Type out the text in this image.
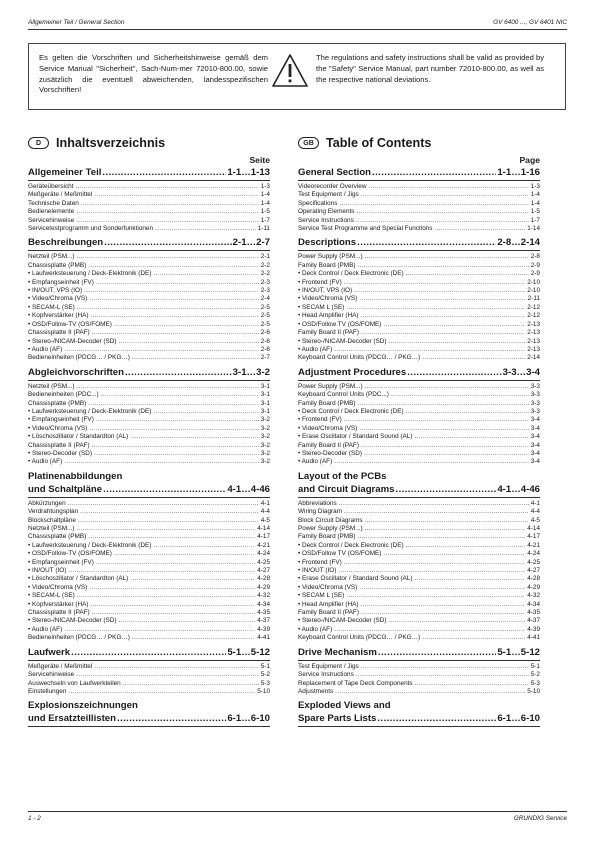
Allgemeiner Teil / General Section	GV 6400 ..., GV 6401 NIC
Es gelten die Vorschriften und Sicherheitshinweise gemäß dem Service Manual "Sicherheit", Sach-Num-mer 72010-800.00, sowie zusätzlich die eventuell abweichenden, landesspezifischen Vorschriften!
The regulations and safety instructions shall be valid as provided by the "Safety" Service Manual, part number 72010-800.00, as well as the respective national deviations.
D	Inhaltsverzeichnis
Seite
Allgemeiner Teil .....	1-1…1-13
Geräteübersicht .....	1-3
Meßgeräte / Meßmittel .....	1-4
Technische Daten .....	1-4
Bedienelemente .....	1-5
Servicehinweise .....	1-7
Servicetestprogramm und Sonderfunktionen .....	1-11
Beschreibungen .....	2-1…2-7
Netzteil (PSM...) .....	2-1
Chassisplatte (PMB) .....	2-2
• Laufwerksteuerung / Deck-Elektronik (DE) .....	2-2
• Empfangseinheit (FV) .....	2-3
• IN/OUT, VPS (IO) .....	2-3
• Video/Chroma (VS) .....	2-4
• SECAM-L (SE) .....	2-5
• Kopfverstärker (HA) .....	2-5
• OSD/Follow-TV (OS/FOME) .....	2-5
Chassisplatte II (PAF) .....	2-6
• Stereo-/NICAM-Decoder (SD) .....	2-6
• Audio (AF) .....	2-6
Bedieneinheiten (PDCG… / PKG…) .....	2-7
Abgleichvorschriften .....	3-1…3-2
Netzteil (PSM...) .....	3-1
Bedieneinheiten (PDC...) .....	3-1
Chassisplatte (PMB) .....	3-1
• Laufwerksteuerung / Deck-Elektronik (DE) .....	3-1
• Empfangseinheit (FV) .....	3-2
• Video/Chroma (VS) .....	3-2
• Löschoszillator / Standardton (AL) .....	3-2
Chassisplatte II (PAF) .....	3-2
• Stereo-Decoder (SD) .....	3-2
• Audio (AF) .....	3-2
Platinenabbildungen
und Schaltpläne .....	4-1…4-46
Abkürzungen .....	4-1
Verdrahtungsplan .....	4-4
Blockschaltpläne .....	4-5
Netzteil (PSM...) .....	4-14
Chassisplatte (PMB) .....	4-17
• Laufwerksteuerung / Deck-Elektronik (DE) .....	4-21
• OSD/Follow-TV (OS/FOME) .....	4-24
• Empfangseinheit (FV) .....	4-25
• IN/OUT (IO) .....	4-27
• Löschoszillator / Standardton (AL) .....	4-28
• Video/Chroma (VS) .....	4-29
• SECAM-L (SE) .....	4-32
• Kopfverstärker (HA) .....	4-34
Chassisplatte II (PAF) .....	4-35
• Stereo-/NICAM-Decoder (SD) .....	4-37
• Audio (AF) .....	4-39
Bedieneinheiten (PDCG… / PKG…) .....	4-41
Laufwerk .....	5-1…5-12
Meßgeräte / Meßmittel .....	5-1
Servicehinweise .....	5-2
Auswechseln von Laufwerkteilen .....	5-3
Einstellungen .....	5-10
Explosionszeichnungen
und Ersatzteillisten .....	6-1…6-10
GB Table of Contents
Page
General Section .....	1-1…1-16
Videorecorder Overview .....	1-3
Test Equipment / Jigs .....	1-4
Specifications .....	1-4
Operating Elements .....	1-5
Service Instructions .....	1-7
Service Test Programme and Special Functions .....	1-14
Descriptions .....	2-8…2-14
Power Supply (PSM...) .....	2-8
Family Board (PMB) .....	2-9
• Deck Control / Deck Electronic (DE) .....	2-9
• Frontend (FV) .....	2-10
• IN/OUT, VPS (IO) .....	2-10
• Video/Chroma (VS) .....	2-11
• SECAM L (SE) .....	2-12
• Head Amplifier (HA) .....	2-12
• OSD/Follow TV (OS/FOME) .....	2-13
Family Board II (PAF) .....	2-13
• Stereo-/NICAM-Decoder (SD) .....	2-13
• Audio (AF) .....	2-13
Keyboard Control Units (PDCG… / PKG…) .....	2-14
Adjustment Procedures .....	3-3…3-4
Power Supply (PSM...) .....	3-3
Keyboard Control Units (PDC...) .....	3-3
Family Board (PMB) .....	3-3
• Deck Control / Deck Electronic (DE) .....	3-3
• Frontend (FV) .....	3-4
• Video/Chroma (VS) .....	3-4
• Erase Oscillator / Standard Sound (AL) .....	3-4
Family Board II (PAF) .....	3-4
• Stereo-Decoder (SD) .....	3-4
• Audio (AF) .....	3-4
Layout of the PCBs
and Circuit Diagrams .....	4-1…4-46
Abbreviations .....	4-1
Wiring Diagram .....	4-4
Block Circuit Diagrams .....	4-5
Power Supply (PSM...) .....	4-14
Family Board (PMB) .....	4-17
• Deck Control / Deck Electronic (DE) .....	4-21
• OSD/Follow TV (OS/FOME) .....	4-24
• Frontend (FV) .....	4-25
• IN/OUT (IO) .....	4-27
• Erase Oscillator / Standard Sound (AL) .....	4-28
• Video/Chroma (VS) .....	4-29
• SECAM L (SE) .....	4-32
• Head Amplifier (HA) .....	4-34
Family Board II (PAF) .....	4-35
• Stereo-/NICAM-Decoder (SD) .....	4-37
• Audio (AF) .....	4-39
Keyboard Control Units (PDCG… / PKG…) .....	4-41
Drive Mechanism .....	5-1…5-12
Test Equipment / Jigs .....	5-1
Service Instructions .....	5-2
Replacement of Tape Deck Components .....	5-3
Adjustments .....	5-10
Exploded Views and
Spare Parts Lists .....	6-1…6-10
1 - 2	GRUNDIG Service
